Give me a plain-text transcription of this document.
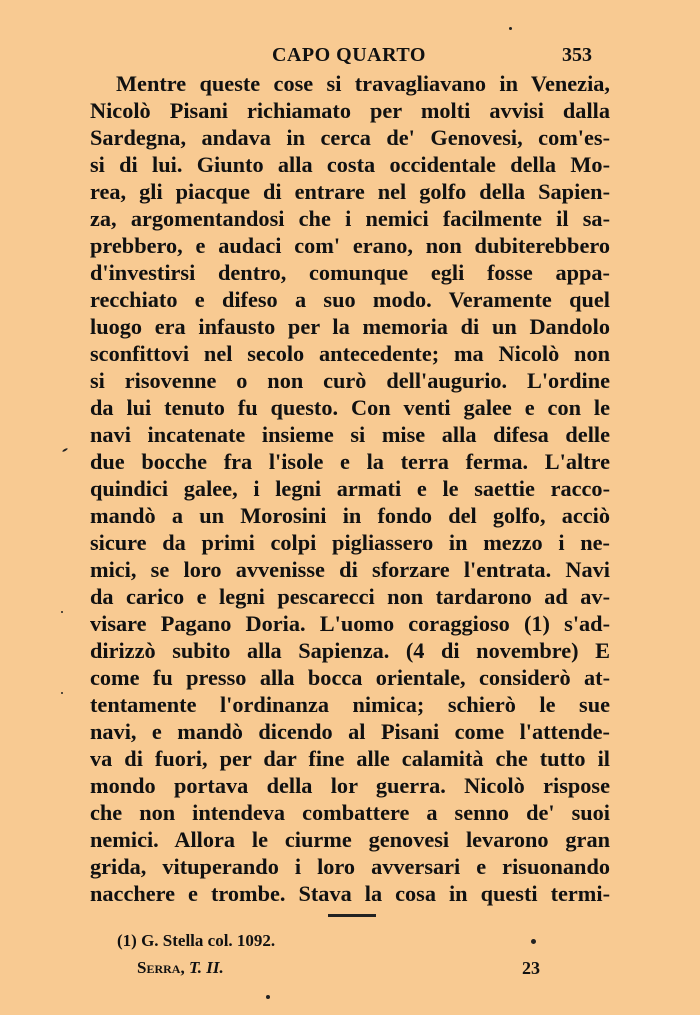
CAPO QUARTO	353
Mentre queste cose si travagliavano in Venezia,
Nicolò Pisani richiamato per molti avvisi dalla
Sardegna, andava in cerca de' Genovesi, com'es-
si di lui. Giunto alla costa occidentale della Mo-
rea, gli piacque di entrare nel golfo della Sapien-
za, argomentandosi che i nemici facilmente il sa-
prebbero, e audaci com' erano, non dubiterebbero
d'investirsi dentro, comunque egli fosse appa-
recchiato e difeso a suo modo. Veramente quel
luogo era infausto per la memoria di un Dandolo
sconfittovi nel secolo antecedente; ma Nicolò non
si risovenne o non curò dell'augurio. L'ordine
da lui tenuto fu questo. Con venti galee e con le
navi incatenate insieme si mise alla difesa delle
due bocche fra l'isole e la terra ferma. L'altre
quindici galee, i legni armati e le saettie racco-
mandò a un Morosini in fondo del golfo, acciò
sicure da primi colpi pigliassero in mezzo i ne-
mici, se loro avvenisse di sforzare l'entrata. Navi
da carico e legni pescarecci non tardarono ad av-
visare Pagano Doria. L'uomo coraggioso (1) s'ad-
dirizzò subito alla Sapienza. (4 di novembre) E
come fu presso alla bocca orientale, considerò at-
tentamente l'ordinanza nimica; schierò le sue
navi, e mandò dicendo al Pisani come l'attende-
va di fuori, per dar fine alle calamità che tutto il
mondo portava della lor guerra. Nicolò rispose
che non intendeva combattere a senno de' suoi
nemici. Allora le ciurme genovesi levarono gran
grida, vituperando i loro avversari e risuonando
nacchere e trombe. Stava la cosa in questi termi-
(1) G. Stella col. 1092.
Serra, T. II.	23
